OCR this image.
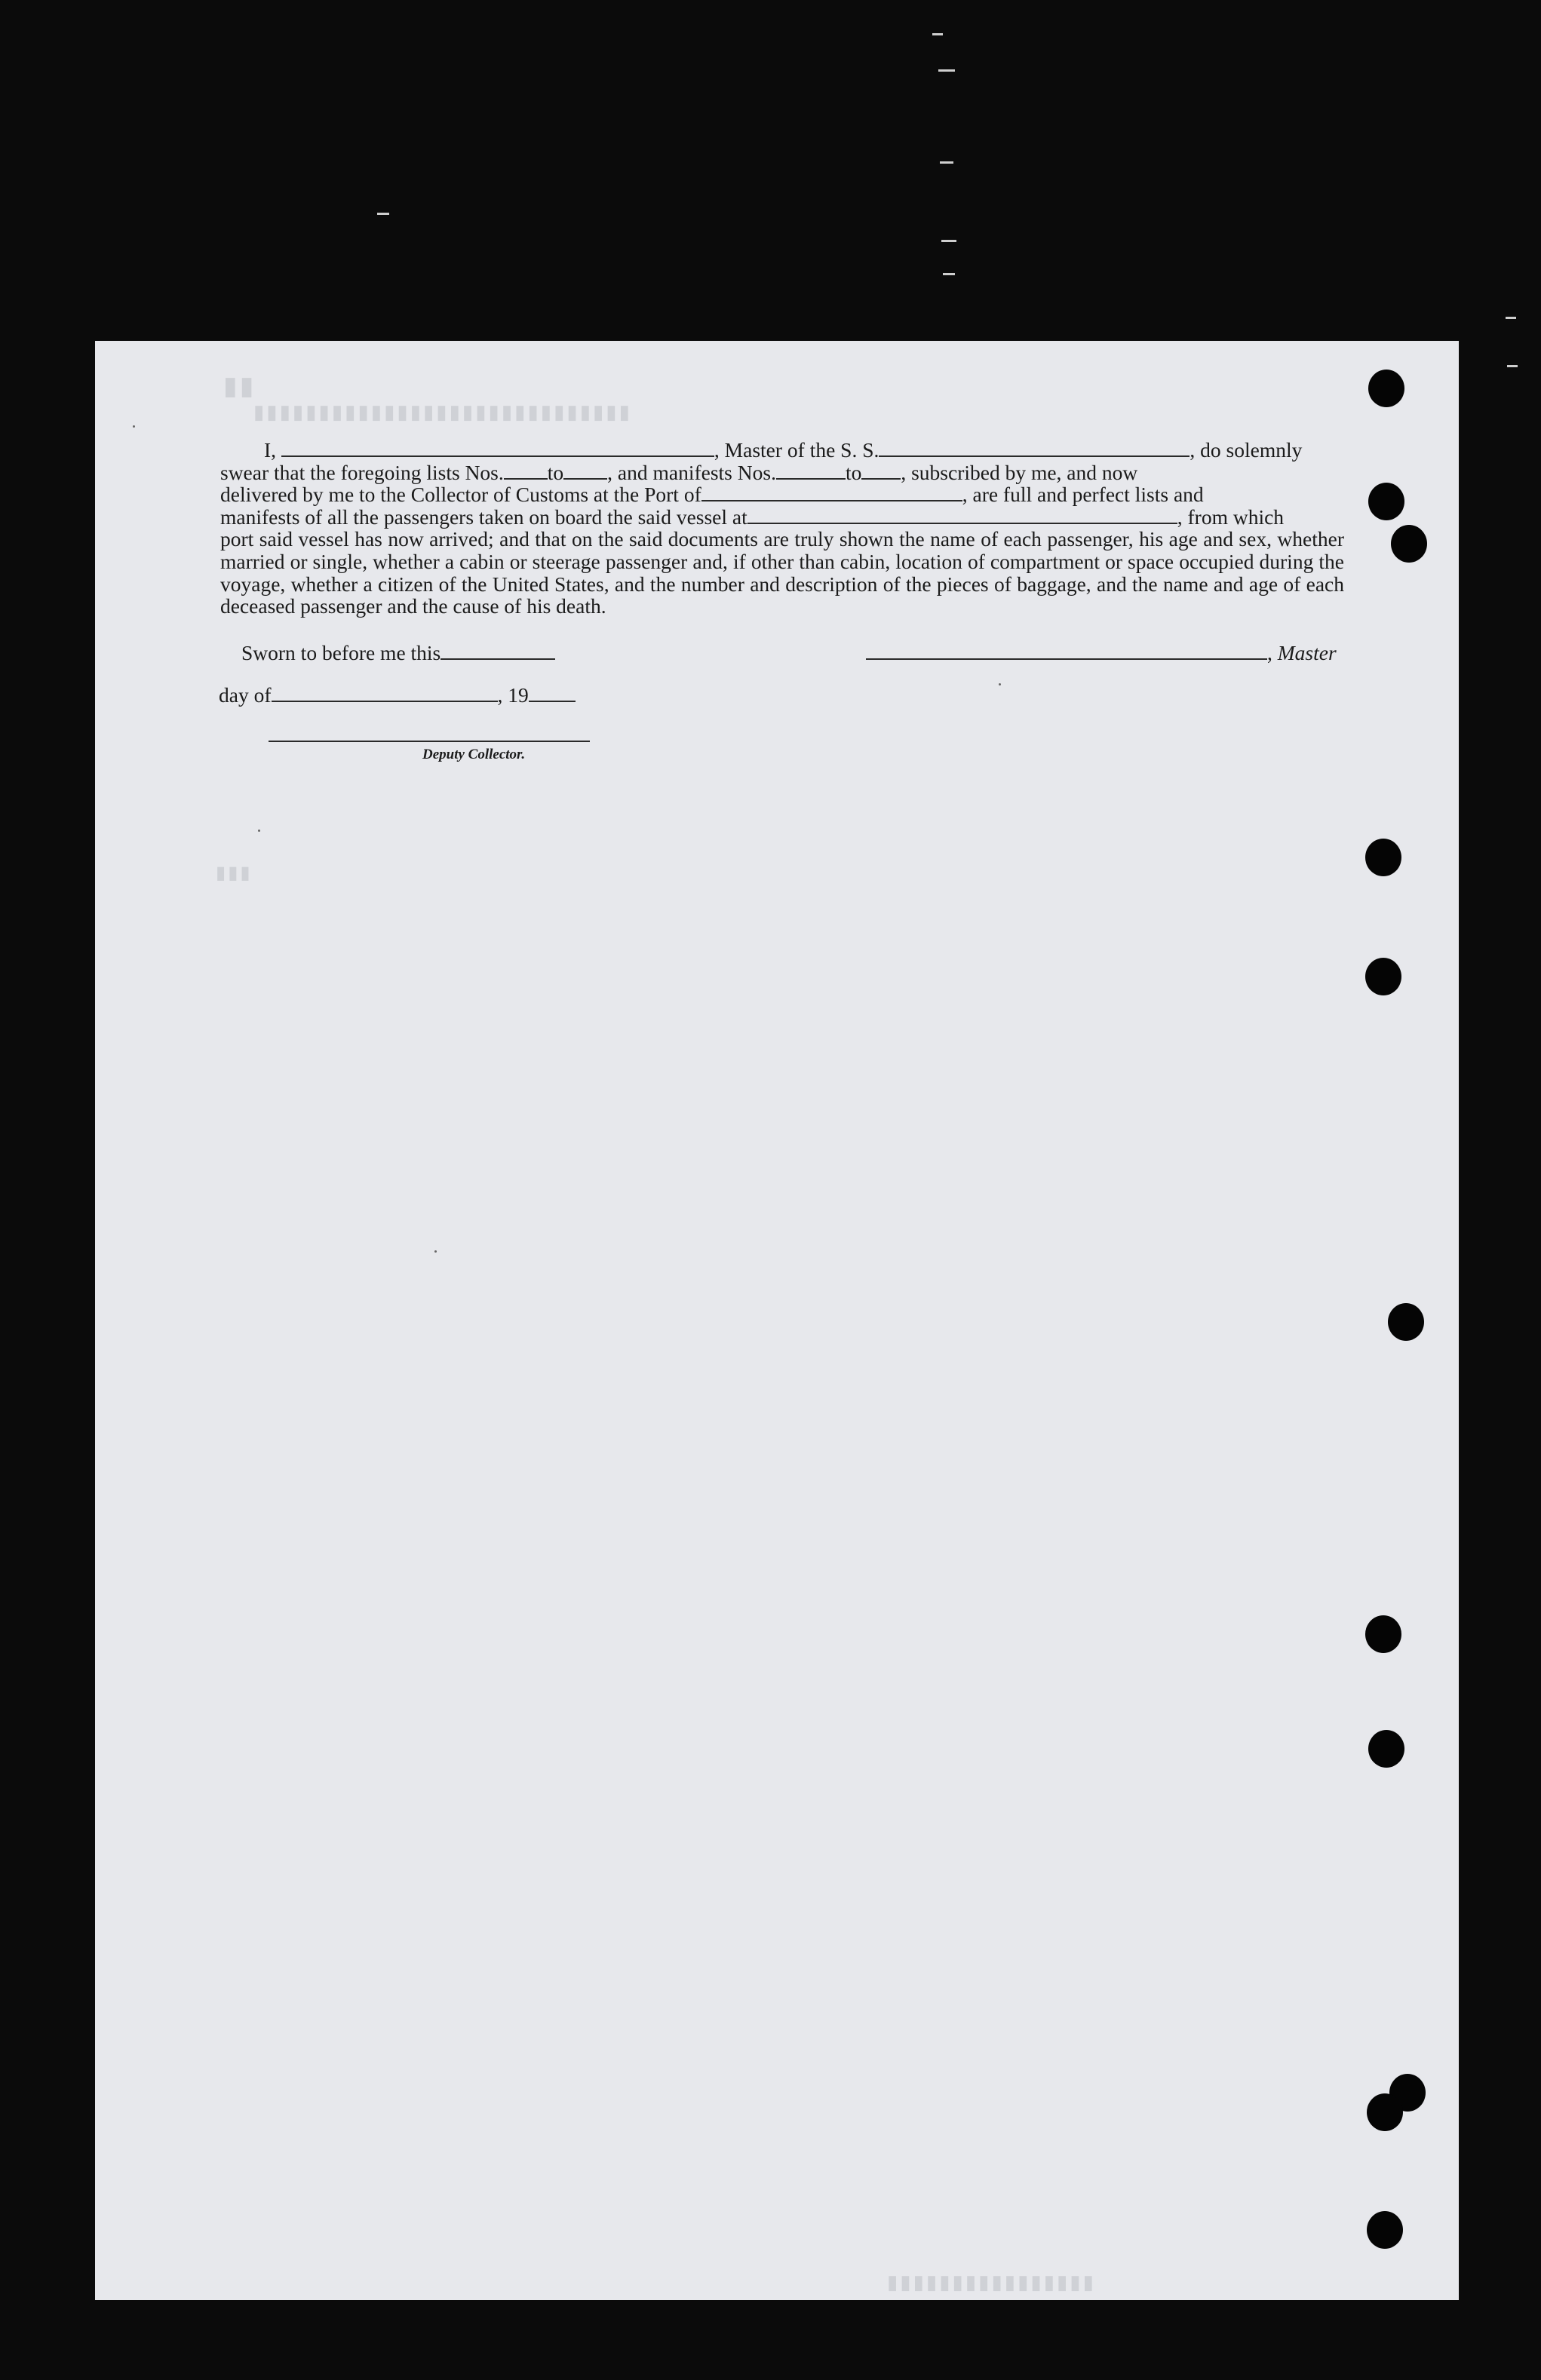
▮▮▮▮▮▮▮▮▮▮▮▮▮▮▮▮▮▮▮▮▮▮▮▮▮▮▮▮▮
▮▮
▮▮▮
▮▮▮▮▮▮▮▮▮▮▮▮▮▮▮▮

I,	, Master of the S. S.	, do solemnly

swear that the foregoing lists Nos. to , and manifests Nos.	to , subscribed by me, and now
delivered by me to the Collector of Customs at the Port of	, are full and perfect lists and
manifests of all the passengers taken on board the said vessel at	, from which
port said vessel has now arrived; and that on the said documents are truly shown the name of each passenger, his age and sex, whether married or single, whether a cabin or steerage passenger and, if other than cabin, location of compartment or space occupied during the voyage, whether a citizen of the United States, and the number and description of the pieces of baggage, and the name and age of each deceased passenger and the cause of his death.
Sworn to before me this	, Master
day of	, 19
Deputy Collector.
